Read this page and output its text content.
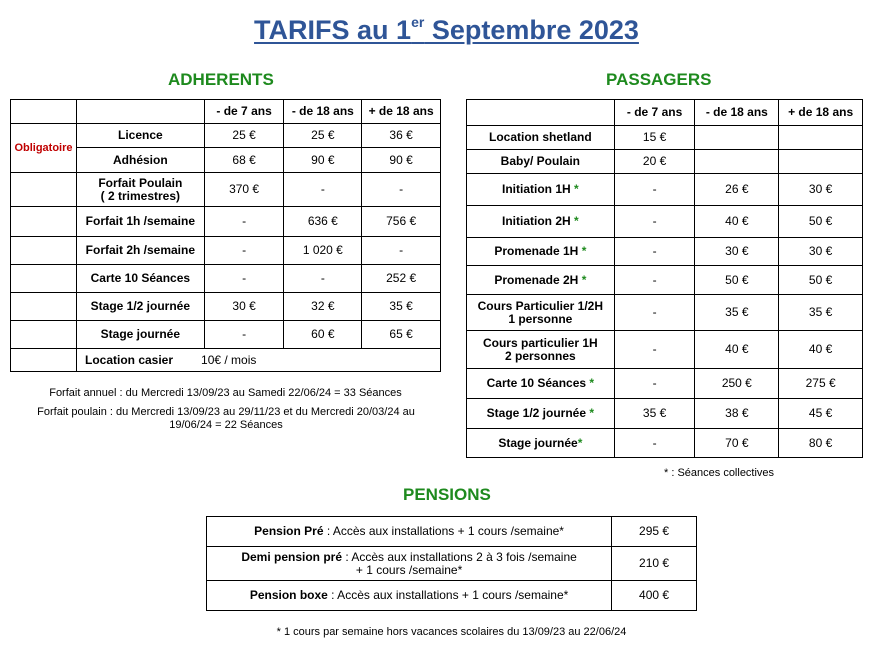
TARIFS au 1er Septembre 2023
ADHERENTS	PASSAGERS
		- de 7 ans	- de 18 ans	+ de 18 ans
Obligatoire	Licence	25 €	25 €	36 €
	Adhésion	68 €	90 €	90 €
	Forfait Poulain
( 2 trimestres)	370 €	-	-
	Forfait 1h /semaine	-	636 €	756 €
	Forfait 2h /semaine	-	1 020 €	-
	Carte 10 Séances	-	-	252 €
	Stage 1/2 journée	30 €	32 €	35 €
	Stage journée	-	60 €	65 €
	Location casier 10€ / mois			
Forfait annuel : du Mercredi 13/09/23 au Samedi 22/06/24 = 33 Séances
Forfait poulain : du Mercredi 13/09/23 au 29/11/23 et du Mercredi 20/03/24 au 19/06/24 = 22 Séances
	- de 7 ans	- de 18 ans	+ de 18 ans
Location shetland	15 €		
Baby/ Poulain	20 €		
Initiation 1H *	-	26 €	30 €
Initiation 2H *	-	40 €	50 €
Promenade 1H *	-	30 €	30 €
Promenade 2H *	-	50 €	50 €
Cours Particulier 1/2H
1 personne	-	35 €	35 €
Cours particulier 1H
2 personnes	-	40 €	40 €
Carte 10 Séances *	-	250 €	275 €
Stage 1/2 journée *	35 €	38 €	45 €
Stage journée*	-	70 €	80 €
* : Séances collectives
PENSIONS
Pension Pré : Accès aux installations + 1 cours /semaine*	295 €
Demi pension pré : Accès aux installations 2 à 3 fois /semaine
+ 1 cours /semaine*	210 €
Pension boxe : Accès aux installations + 1 cours /semaine*	400 €
* 1 cours par semaine hors vacances scolaires du 13/09/23 au 22/06/24
